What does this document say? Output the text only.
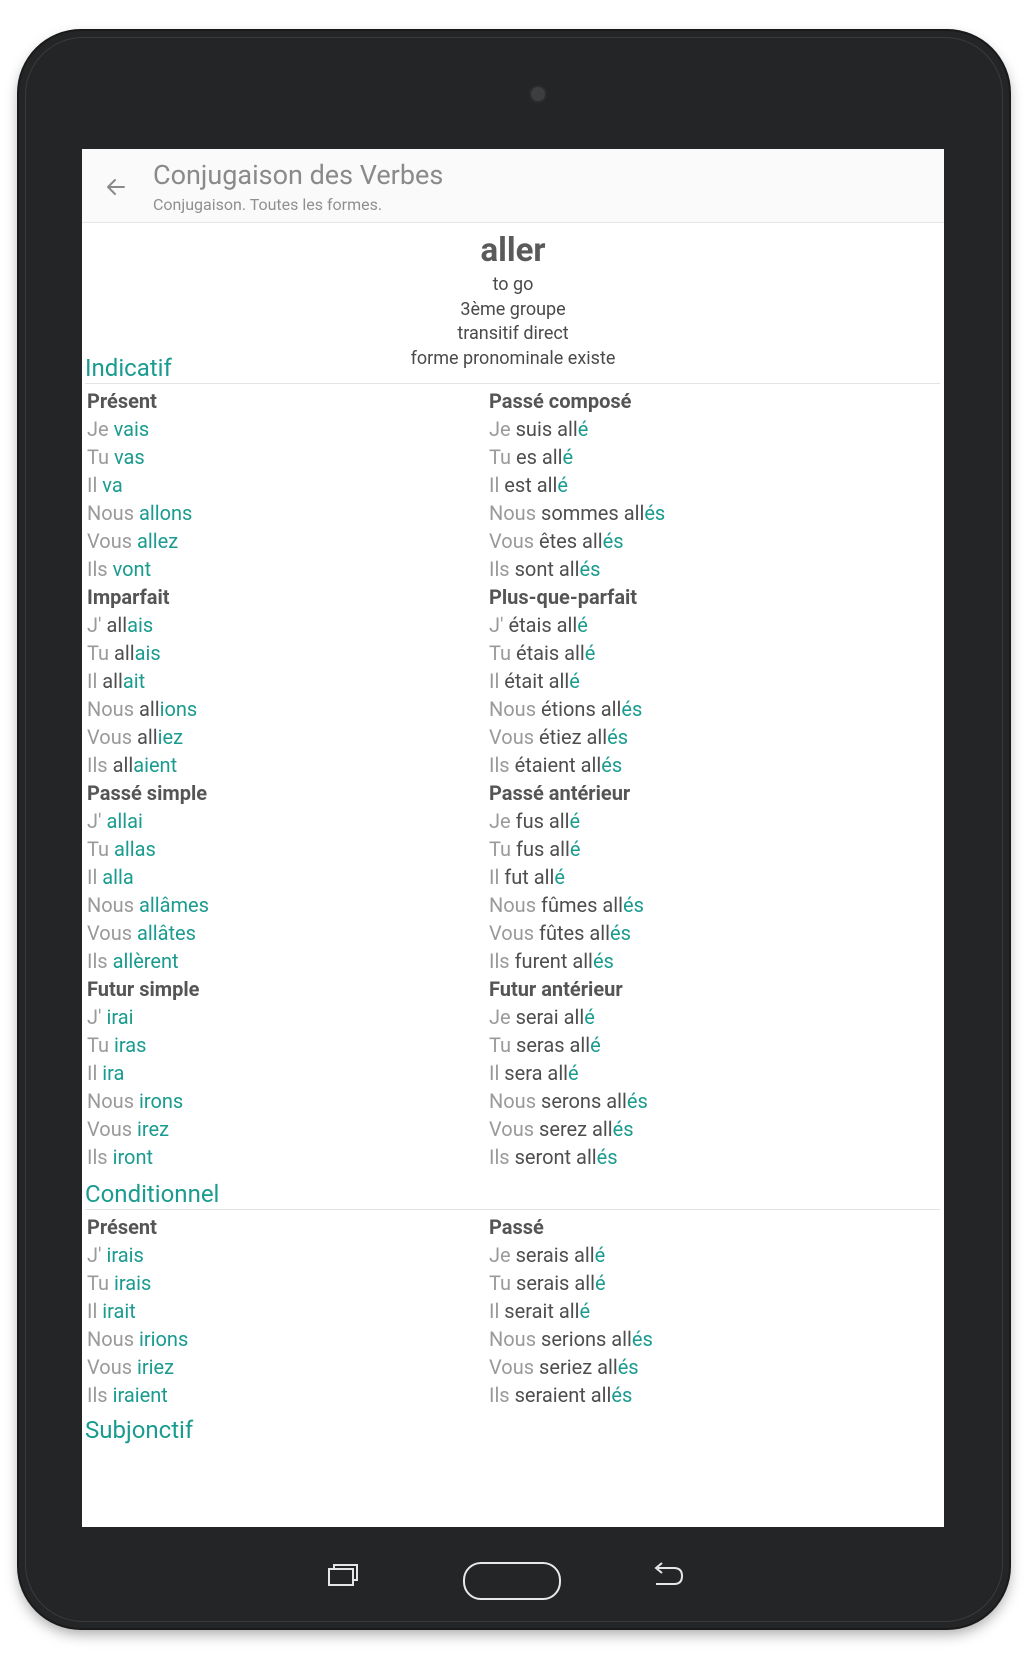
Conjugaison des Verbes
Conjugaison. Toutes les formes.
aller
to go
3ème groupe
transitif direct
forme pronominale existe
Indicatif
Présent
Je vais
Tu vas
Il va
Nous allons
Vous allez
Ils vont
Passé composé
Je suis allé
Tu es allé
Il est allé
Nous sommes allés
Vous êtes allés
Ils sont allés
Imparfait
J' allais
Tu allais
Il allait
Nous allions
Vous alliez
Ils allaient
Plus-que-parfait
J' étais allé
Tu étais allé
Il était allé
Nous étions allés
Vous étiez allés
Ils étaient allés
Passé simple
J' allai
Tu allas
Il alla
Nous allâmes
Vous allâtes
Ils allèrent
Passé antérieur
Je fus allé
Tu fus allé
Il fut allé
Nous fûmes allés
Vous fûtes allés
Ils furent allés
Futur simple
J' irai
Tu iras
Il ira
Nous irons
Vous irez
Ils iront
Futur antérieur
Je serai allé
Tu seras allé
Il sera allé
Nous serons allés
Vous serez allés
Ils seront allés
Conditionnel
Présent
J' irais
Tu irais
Il irait
Nous irions
Vous iriez
Ils iraient
Passé
Je serais allé
Tu serais allé
Il serait allé
Nous serions allés
Vous seriez allés
Ils seraient allés
Subjonctif
